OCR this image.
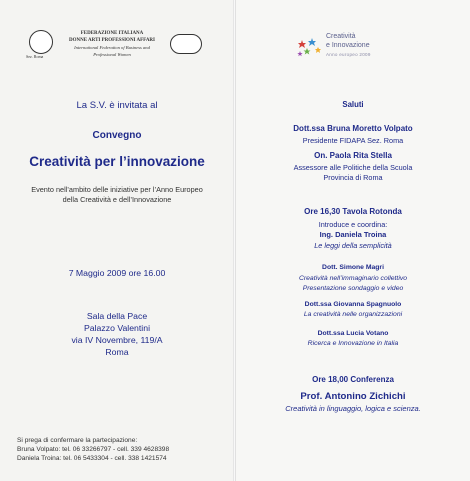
Sez. Roma
FEDERAZIONE ITALIANA
DONNE ARTI PROFESSIONI AFFARI
International Federation of Business and
Professional Women
La S.V. è invitata al
Convegno
Creatività per l’innovazione
Evento nell’ambito delle iniziative per l’Anno Europeo
della Creatività e dell’Innovazione
7 Maggio 2009 ore 16.00
Sala della Pace
Palazzo Valentini
via IV Novembre, 119/A
Roma
Si prega di confermare la partecipazione:
Bruna Volpato: tel. 06 33266797 - cell. 339 4628398
Daniela Troina: tel. 06 5433304 - cell. 338 1421574
Creatività
e Innovazione
Anno europeo 2009
Saluti
Dott.ssa Bruna Moretto Volpato
Presidente FIDAPA Sez. Roma
On. Paola Rita Stella
Assessore alle Politiche della Scuola
Provincia di Roma
Ore 16,30 Tavola Rotonda
Introduce e coordina:
Ing. Daniela Troina
Le leggi della semplicità
Dott. Simone Magri
Creatività nell’immaginario collettivo
Presentazione sondaggio e video
Dott.ssa Giovanna Spagnuolo
La creatività nelle organizzazioni
Dott.ssa Lucia Votano
Ricerca e Innovazione in Italia
Ore 18,00 Conferenza
Prof. Antonino Zichichi
Creatività in linguaggio, logica e scienza.
